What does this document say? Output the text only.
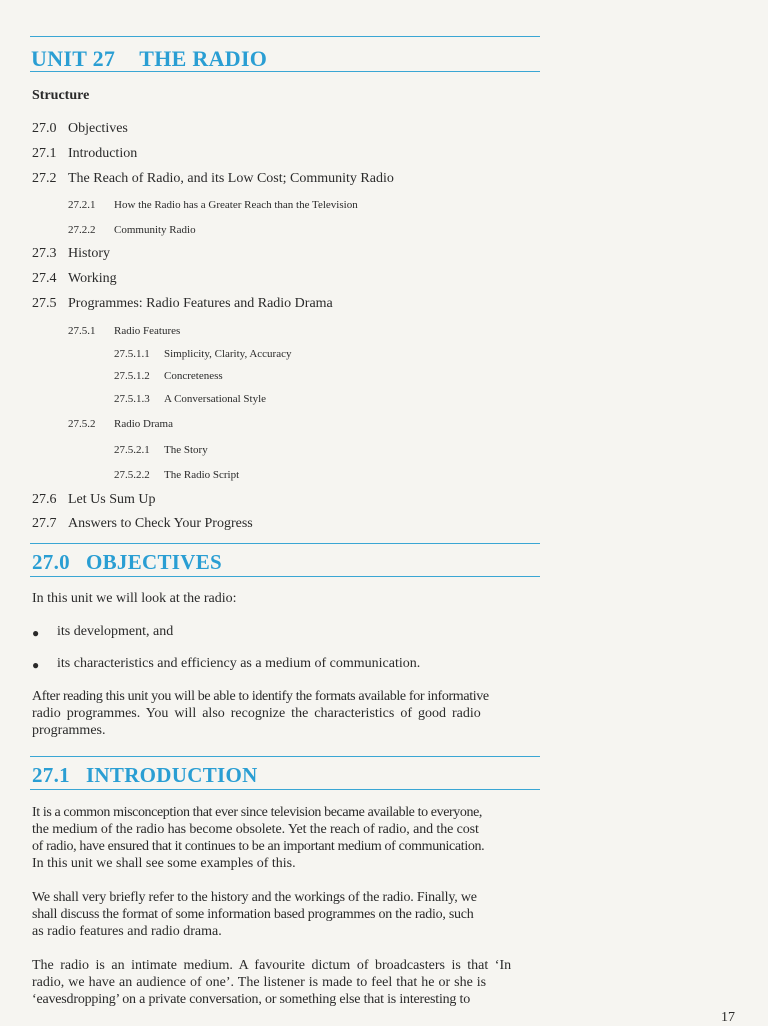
UNIT 27 THE RADIO
Structure
27.0 Objectives
27.1 Introduction
27.2 The Reach of Radio, and its Low Cost; Community Radio
27.2.1 How the Radio has a Greater Reach than the Television
27.2.2 Community Radio
27.3 History
27.4 Working
27.5 Programmes: Radio Features and Radio Drama
27.5.1 Radio Features
27.5.1.1 Simplicity, Clarity, Accuracy
27.5.1.2 Concreteness
27.5.1.3 A Conversational Style
27.5.2 Radio Drama
27.5.2.1 The Story
27.5.2.2 The Radio Script
27.6 Let Us Sum Up
27.7 Answers to Check Your Progress
27.0 OBJECTIVES
In this unit we will look at the radio:
● its development, and
● its characteristics and efficiency as a medium of communication.
After reading this unit you will be able to identify the formats available for informative
radio programmes. You will also recognize the characteristics of good radio
programmes.
27.1 INTRODUCTION
It is a common misconception that ever since television became available to everyone,
the medium of the radio has become obsolete. Yet the reach of radio, and the cost
of radio, have ensured that it continues to be an important medium of communication.
In this unit we shall see some examples of this.
We shall very briefly refer to the history and the workings of the radio. Finally, we
shall discuss the format of some information based programmes on the radio, such
as radio features and radio drama.
The radio is an intimate medium. A favourite dictum of broadcasters is that ‘In
radio, we have an audience of one’. The listener is made to feel that he or she is
‘eavesdropping’ on a private conversation, or something else that is interesting to
17
